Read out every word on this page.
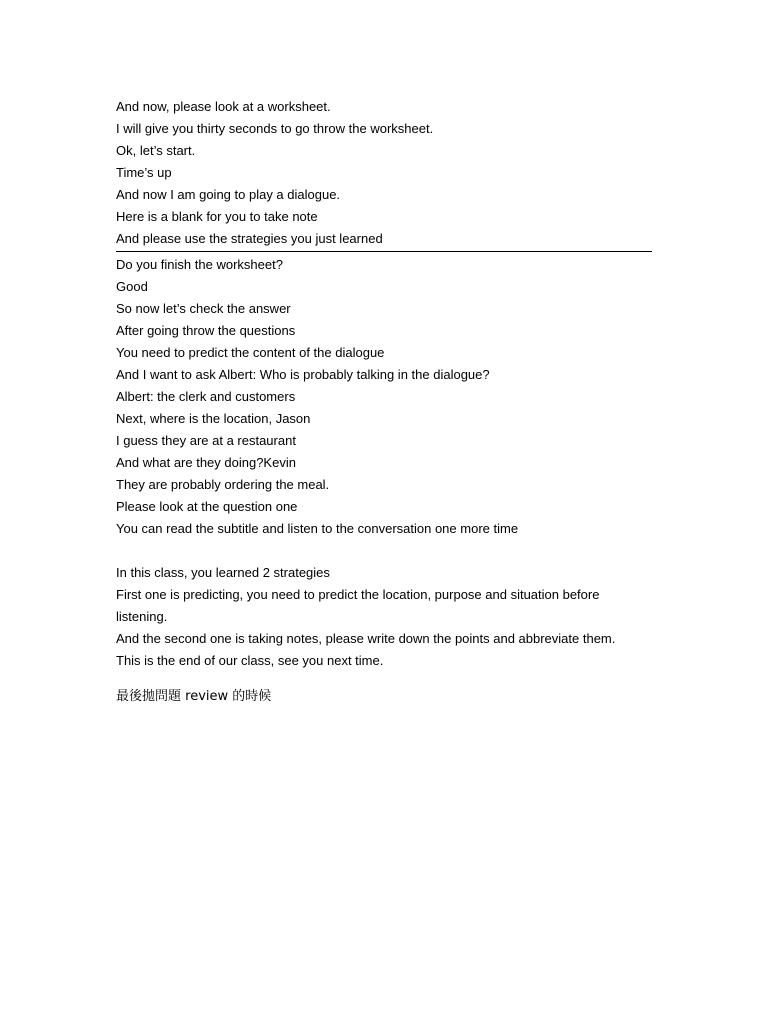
And now, please look at a worksheet.
I will give you thirty seconds to go throw the worksheet.
Ok, let’s start.
Time’s up
And now I am going to play a dialogue.
Here is a blank for you to take note
And please use the strategies you just learned
Do you finish the worksheet?
Good
So now let’s check the answer
After going throw the questions
You need to predict the content of the dialogue
And I want to ask Albert: Who is probably talking in the dialogue?
Albert: the clerk and customers
Next, where is the location, Jason
I guess they are at a restaurant
And what are they doing?Kevin
They are probably ordering the meal.
Please look at the question one
You can read the subtitle and listen to the conversation one more time
In this class, you learned 2 strategies
First one is predicting, you need to predict the location, purpose and situation before listening.
And the second one is taking notes, please write down the points and abbreviate them.
This is the end of our class, see you next time.
最後拋問題 review 的時候
